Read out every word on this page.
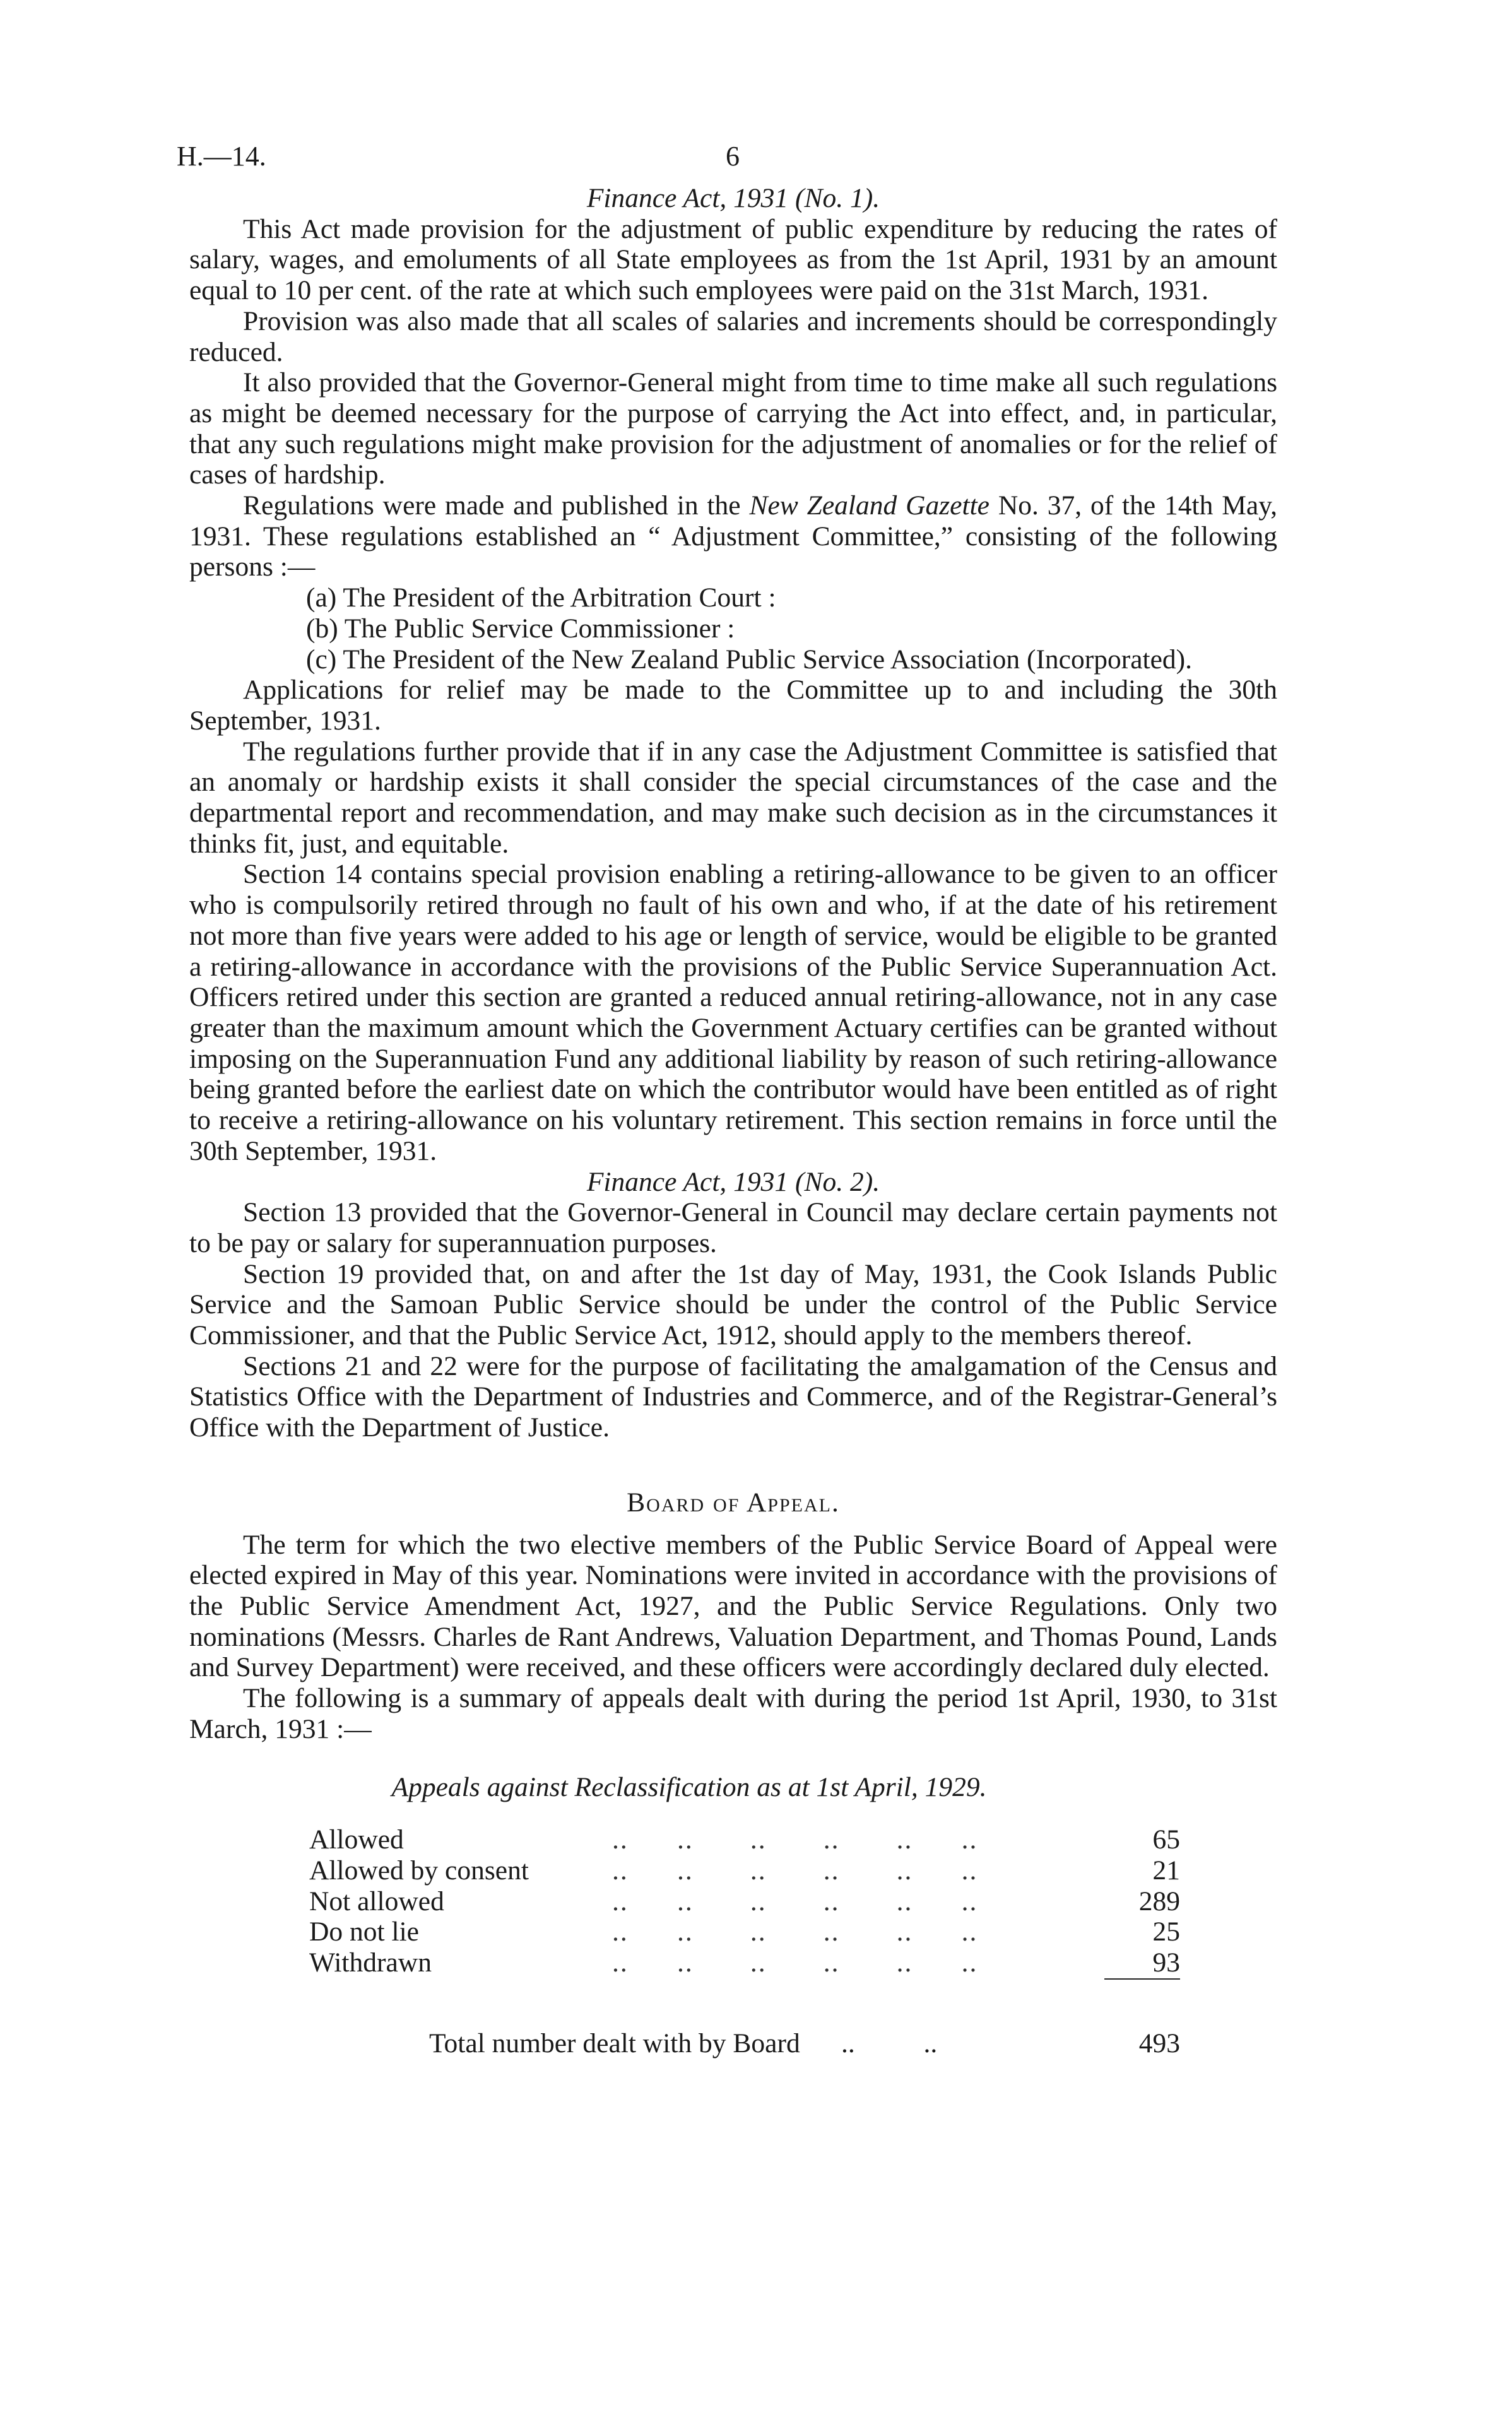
H.—14.	6

Finance Act, 1931 (No. 1).

This Act made provision for the adjustment of public expenditure by reducing the rates of salary, wages, and emoluments of all State employees as from the 1st April, 1931 by an amount equal to 10 per cent. of the rate at which such employees were paid on the 31st March, 1931.

Provision was also made that all scales of salaries and increments should be correspondingly reduced.

It also provided that the Governor-General might from time to time make all such regulations as might be deemed necessary for the purpose of carrying the Act into effect, and, in particular, that any such regulations might make provision for the adjustment of anomalies or for the relief of cases of hardship.

Regulations were made and published in the New Zealand Gazette No. 37, of the 14th May, 1931. These regulations established an “ Adjustment Committee,” consisting of the following persons :—

(a) The President of the Arbitration Court :
(b) The Public Service Commissioner :
(c) The President of the New Zealand Public Service Association (Incorporated).

Applications for relief may be made to the Committee up to and including the 30th September, 1931.

The regulations further provide that if in any case the Adjustment Committee is satisfied that an anomaly or hardship exists it shall consider the special circumstances of the case and the departmental report and recommendation, and may make such decision as in the circumstances it thinks fit, just, and equitable.

Section 14 contains special provision enabling a retiring-allowance to be given to an officer who is compulsorily retired through no fault of his own and who, if at the date of his retirement not more than five years were added to his age or length of service, would be eligible to be granted a retiring-allowance in accordance with the provisions of the Public Service Superannuation Act. Officers retired under this section are granted a reduced annual retiring-allowance, not in any case greater than the maximum amount which the Government Actuary certifies can be granted without imposing on the Superannuation Fund any additional liability by reason of such retiring-allowance being granted before the earliest date on which the contributor would have been entitled as of right to receive a retiring-allowance on his voluntary retirement. This section remains in force until the 30th September, 1931.

Finance Act, 1931 (No. 2).

Section 13 provided that the Governor-General in Council may declare certain payments not to be pay or salary for superannuation purposes.

Section 19 provided that, on and after the 1st day of May, 1931, the Cook Islands Public Service and the Samoan Public Service should be under the control of the Public Service Commissioner, and that the Public Service Act, 1912, should apply to the members thereof.

Sections 21 and 22 were for the purpose of facilitating the amalgamation of the Census and Statistics Office with the Department of Industries and Commerce, and of the Registrar-General’s Office with the Department of Justice.

Board of Appeal.

The term for which the two elective members of the Public Service Board of Appeal were elected expired in May of this year. Nominations were invited in accordance with the provisions of the Public Service Amendment Act, 1927, and the Public Service Regulations. Only two nominations (Messrs. Charles de Rant Andrews, Valuation Department, and Thomas Pound, Lands and Survey Department) were received, and these officers were accordingly declared duly elected.

The following is a summary of appeals dealt with during the period 1st April, 1930, to 31st March, 1931 :—

Appeals against Reclassification as at 1st April, 1929.

Allowed	..      ..       ..       ..       ..      ..	65
Allowed by consent	..      ..       ..       ..       ..      ..	21
Not allowed	..      ..       ..       ..       ..      ..	289
Do not lie	..      ..       ..       ..       ..      ..	25
Withdrawn	..      ..       ..       ..       ..      ..	93

Total number dealt with by Board      ..          ..		493
